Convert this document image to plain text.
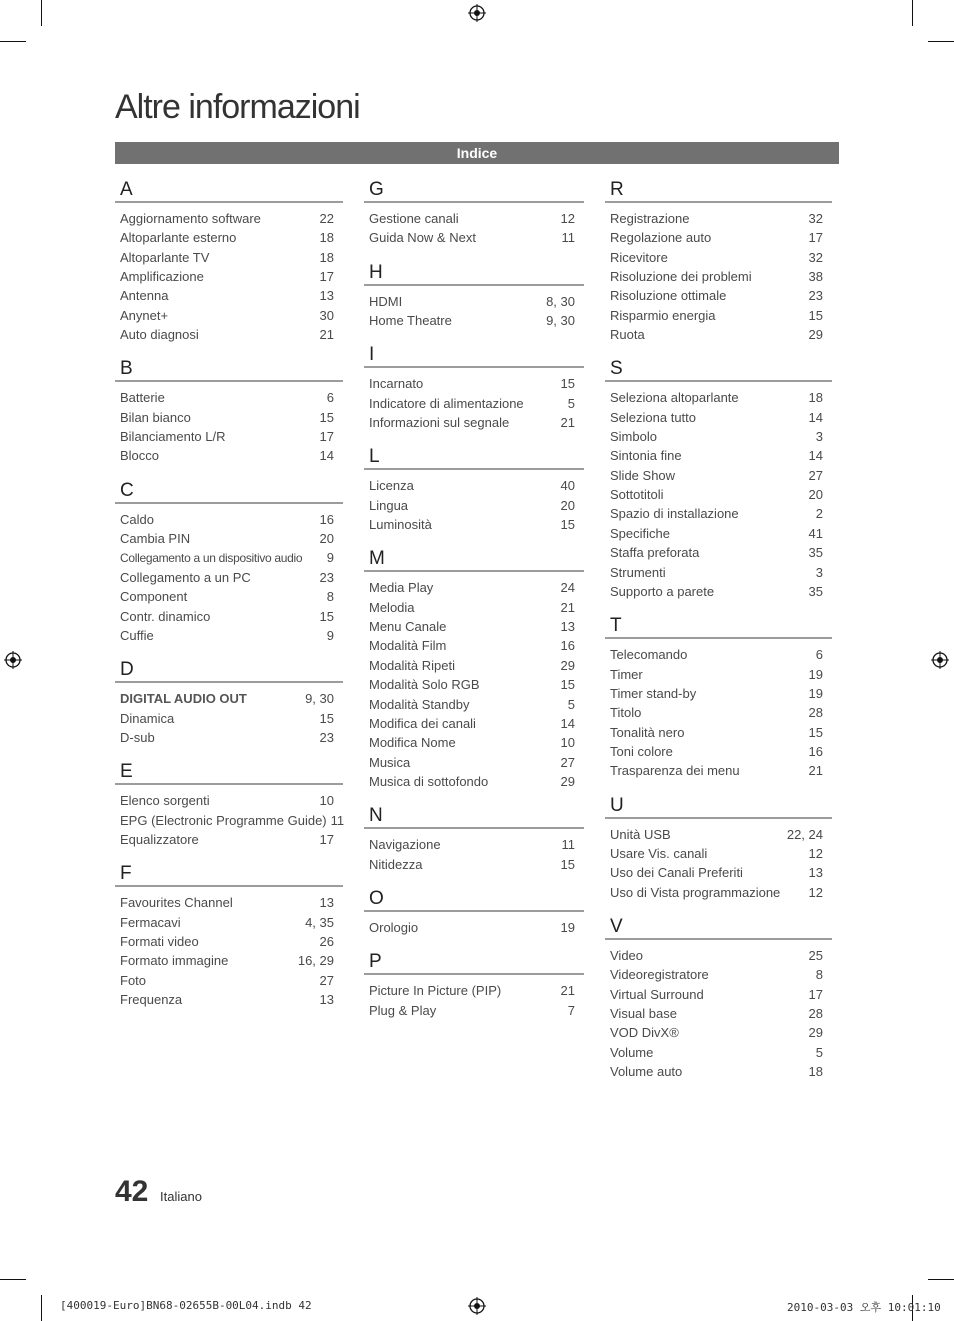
Altre informazioni
Indice
A
Aggiornamento software	22
Altoparlante esterno	18
Altoparlante TV	18
Amplificazione	17
Antenna	13
Anynet+	30
Auto diagnosi	21
B
Batterie	6
Bilan bianco	15
Bilanciamento L/R	17
Blocco	14
C
Caldo	16
Cambia PIN	20
Collegamento a un dispositivo audio 9
Collegamento a un PC	23
Component	8
Contr. dinamico	15
Cuffie	9
D
DIGITAL AUDIO OUT	9, 30
Dinamica	15
D-sub	23
E
Elenco sorgenti	10
EPG (Electronic Programme Guide) 11
Equalizzatore	17
F
Favourites Channel	13
Fermacavi	4, 35
Formati video	26
Formato immagine	16, 29
Foto	27
Frequenza	13
G
Gestione canali	12
Guida Now & Next	11
H
HDMI	8, 30
Home Theatre	9, 30
I
Incarnato	15
Indicatore di alimentazione	5
Informazioni sul segnale	21
L
Licenza	40
Lingua	20
Luminosità	15
M
Media Play	24
Melodia	21
Menu Canale	13
Modalità Film	16
Modalità Ripeti	29
Modalità Solo RGB	15
Modalità Standby	5
Modifica dei canali	14
Modifica Nome	10
Musica	27
Musica di sottofondo	29
N
Navigazione	11
Nitidezza	15
O
Orologio	19
P
Picture In Picture (PIP)	21
Plug & Play	7
R
Registrazione	32
Regolazione auto	17
Ricevitore	32
Risoluzione dei problemi	38
Risoluzione ottimale	23
Risparmio energia	15
Ruota	29
S
Seleziona altoparlante	18
Seleziona tutto	14
Simbolo	3
Sintonia fine	14
Slide Show	27
Sottotitoli	20
Spazio di installazione	2
Specifiche	41
Staffa preforata	35
Strumenti	3
Supporto a parete	35
T
Telecomando	6
Timer	19
Timer stand-by	19
Titolo	28
Tonalità nero	15
Toni colore	16
Trasparenza dei menu	21
U
Unità USB	22, 24
Usare Vis. canali	12
Uso dei Canali Preferiti	13
Uso di Vista programmazione 12
V
Video	25
Videoregistratore	8
Virtual Surround	17
Visual base	28
VOD DivX®	29
Volume	5
Volume auto	18
42 Italiano
[400019-Euro]BN68-02655B-00L04.indb 42	2010-03-03 오후 10:01:10
